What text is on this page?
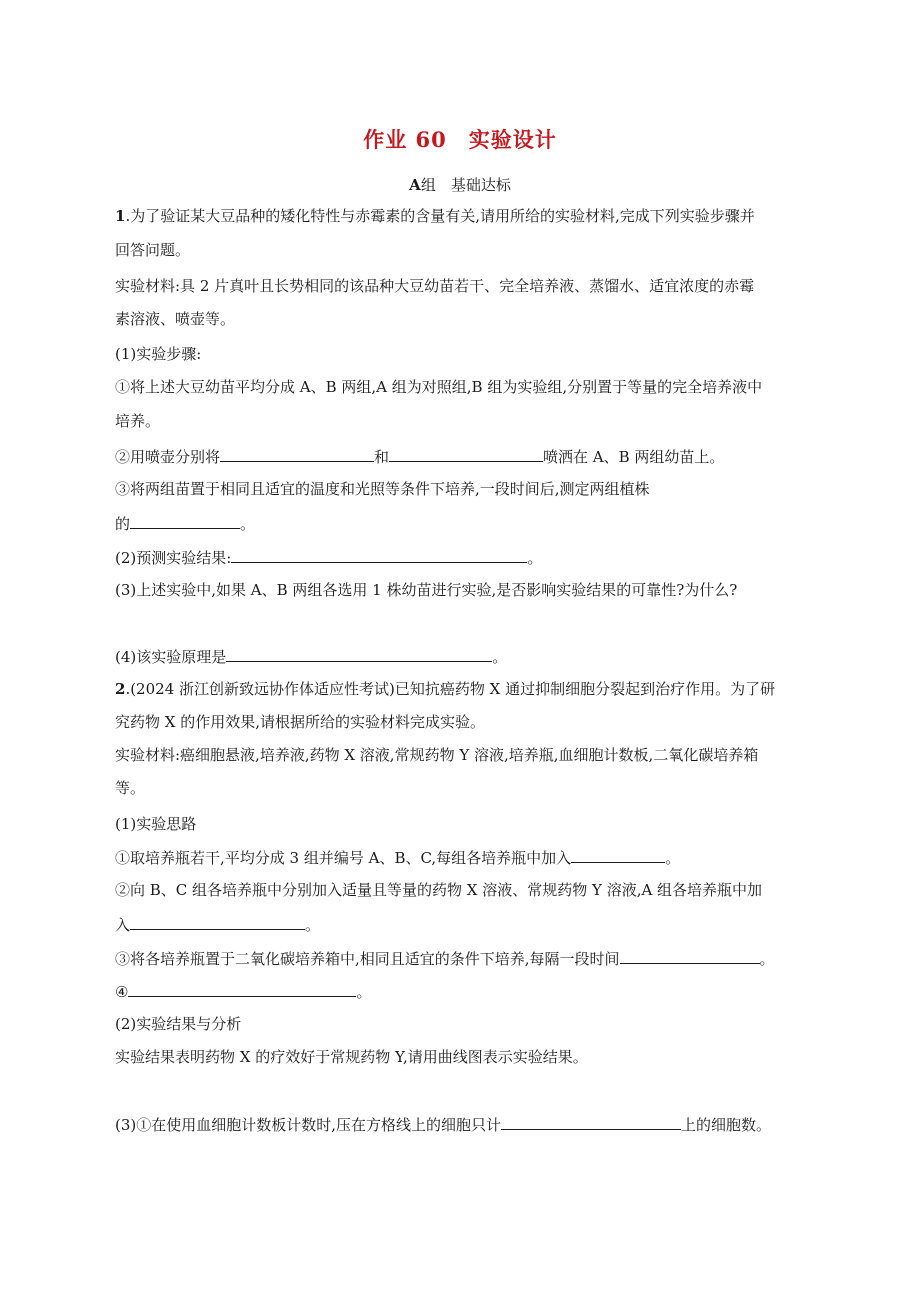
作业 60 实验设计
A组　基础达标
1.为了验证某大豆品种的矮化特性与赤霉素的含量有关,请用所给的实验材料,完成下列实验步骤并
回答问题。
实验材料:具 2 片真叶且长势相同的该品种大豆幼苗若干、完全培养液、蒸馏水、适宜浓度的赤霉
素溶液、喷壶等。
(1)实验步骤:
①将上述大豆幼苗平均分成 A、B 两组,A 组为对照组,B 组为实验组,分别置于等量的完全培养液中
培养。
②用喷壶分别将	和	喷洒在 A、B 两组幼苗上。
③将两组苗置于相同且适宜的温度和光照等条件下培养,一段时间后,测定两组植株
的	。
(2)预测实验结果:	。
(3)上述实验中,如果 A、B 两组各选用 1 株幼苗进行实验,是否影响实验结果的可靠性?为什么?
(4)该实验原理是	。
2.(2024 浙江创新致远协作体适应性考试)已知抗癌药物 X 通过抑制细胞分裂起到治疗作用。为了研
究药物 X 的作用效果,请根据所给的实验材料完成实验。
实验材料:癌细胞悬液,培养液,药物 X 溶液,常规药物 Y 溶液,培养瓶,血细胞计数板,二氧化碳培养箱
等。
(1)实验思路
①取培养瓶若干,平均分成 3 组并编号 A、B、C,每组各培养瓶中加入	。
②向 B、C 组各培养瓶中分别加入适量且等量的药物 X 溶液、常规药物 Y 溶液,A 组各培养瓶中加
入	。
③将各培养瓶置于二氧化碳培养箱中,相同且适宜的条件下培养,每隔一段时间	。
④	。
(2)实验结果与分析
实验结果表明药物 X 的疗效好于常规药物 Y,请用曲线图表示实验结果。
(3)①在使用血细胞计数板计数时,压在方格线上的细胞只计	上的细胞数。
